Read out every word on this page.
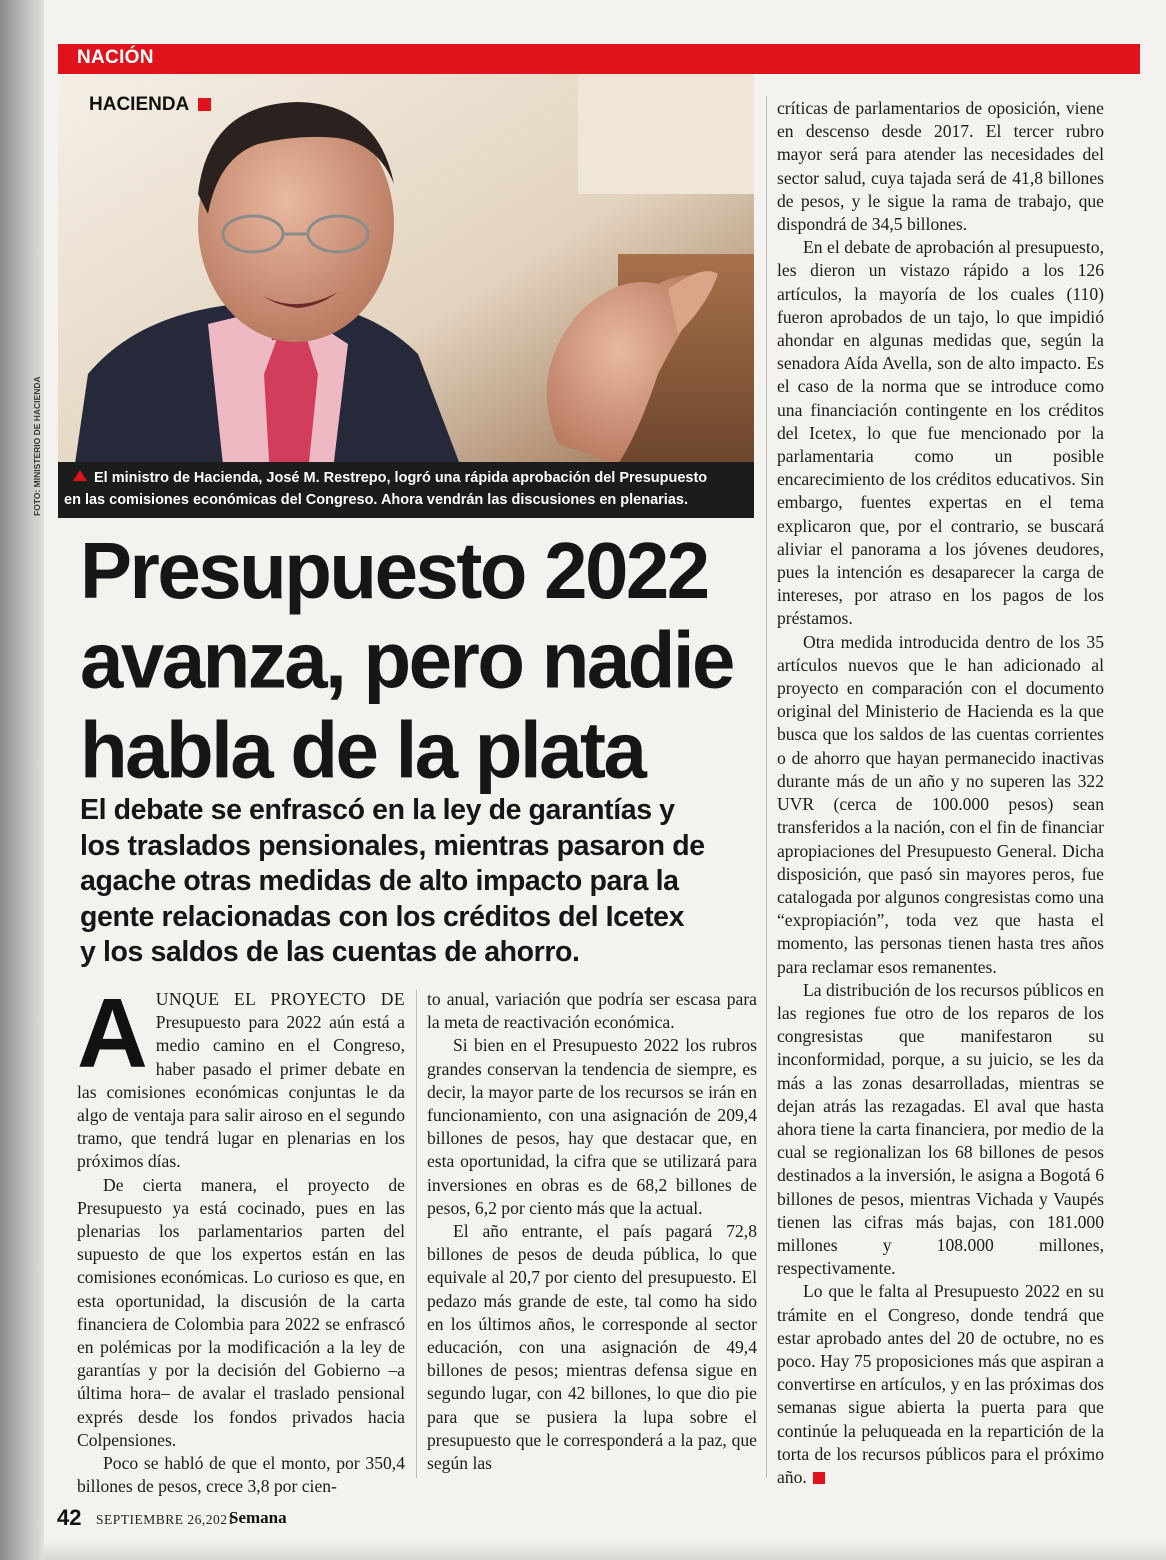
NACIÓN
HACIENDA
El ministro de Hacienda, José M. Restrepo, logró una rápida aprobación del Presupuesto
en las comisiones económicas del Congreso. Ahora vendrán las discusiones en plenarias.
FOTO: MINISTERIO DE HACIENDA
Presupuesto 2022
avanza, pero nadie
habla de la plata
El debate se enfrascó en la ley de garantías y
los traslados pensionales, mientras pasaron de
agache otras medidas de alto impacto para la
gente relacionadas con los créditos del Icetex
y los saldos de las cuentas de ahorro.

AUNQUE EL PROYECTO DE Presupuesto para 2022 aún está a medio camino en el Congreso, haber pasado el primer debate en las comisiones económicas conjuntas le da algo de ventaja para salir airoso en el segundo tramo, que tendrá lugar en plenarias en los próximos días.

De cierta manera, el proyecto de Presupuesto ya está cocinado, pues en las plenarias los parlamentarios parten del supuesto de que los expertos están en las comisiones económicas. Lo curioso es que, en esta oportunidad, la discusión de la carta financiera de Colombia para 2022 se enfrascó en polémicas por la modificación a la ley de garantías y por la decisión del Gobierno –a última hora– de avalar el traslado pensional exprés desde los fondos privados hacia Colpensiones.

Poco se habló de que el monto, por 350,4 billones de pesos, crece 3,8 por cien-

to anual, variación que podría ser escasa para la meta de reactivación económica.

Si bien en el Presupuesto 2022 los rubros grandes conservan la tendencia de siempre, es decir, la mayor parte de los recursos se irán en funcionamiento, con una asignación de 209,4 billones de pesos, hay que destacar que, en esta oportunidad, la cifra que se utilizará para inversiones en obras es de 68,2 billones de pesos, 6,2 por ciento más que la actual.

El año entrante, el país pagará 72,8 billones de pesos de deuda pública, lo que equivale al 20,7 por ciento del presupuesto. El pedazo más grande de este, tal como ha sido en los últimos años, le corresponde al sector educación, con una asignación de 49,4 billones de pesos; mientras defensa sigue en segundo lugar, con 42 billones, lo que dio pie para que se pusiera la lupa sobre el presupuesto que le corresponderá a la paz, que según las

críticas de parlamentarios de oposición, viene en descenso desde 2017. El tercer rubro mayor será para atender las necesidades del sector salud, cuya tajada será de 41,8 billones de pesos, y le sigue la rama de trabajo, que dispondrá de 34,5 billones.

En el debate de aprobación al presupuesto, les dieron un vistazo rápido a los 126 artículos, la mayoría de los cuales (110) fueron aprobados de un tajo, lo que impidió ahondar en algunas medidas que, según la senadora Aída Avella, son de alto impacto. Es el caso de la norma que se introduce como una financiación contingente en los créditos del Icetex, lo que fue mencionado por la parlamentaria como un posible encarecimiento de los créditos educativos. Sin embargo, fuentes expertas en el tema explicaron que, por el contrario, se buscará aliviar el panorama a los jóvenes deudores, pues la intención es desaparecer la carga de intereses, por atraso en los pagos de los préstamos.

Otra medida introducida dentro de los 35 artículos nuevos que le han adicionado al proyecto en comparación con el documento original del Ministerio de Hacienda es la que busca que los saldos de las cuentas corrientes o de ahorro que hayan permanecido inactivas durante más de un año y no superen las 322 UVR (cerca de 100.000 pesos) sean transferidos a la nación, con el fin de financiar apropiaciones del Presupuesto General. Dicha disposición, que pasó sin mayores peros, fue catalogada por algunos congresistas como una “expropiación”, toda vez que hasta el momento, las personas tienen hasta tres años para reclamar esos remanentes.

La distribución de los recursos públicos en las regiones fue otro de los reparos de los congresistas que manifestaron su inconformidad, porque, a su juicio, se les da más a las zonas desarrolladas, mientras se dejan atrás las rezagadas. El aval que hasta ahora tiene la carta financiera, por medio de la cual se regionalizan los 68 billones de pesos destinados a la inversión, le asigna a Bogotá 6 billones de pesos, mientras Vichada y Vaupés tienen las cifras más bajas, con 181.000 millones y 108.000 millones, respectivamente.

Lo que le falta al Presupuesto 2022 en su trámite en el Congreso, donde tendrá que estar aprobado antes del 20 de octubre, no es poco. Hay 75 proposiciones más que aspiran a convertirse en artículos, y en las próximas dos semanas sigue abierta la puerta para que continúe la peluqueada en la repartición de la torta de los recursos públicos para el próximo año.

42 SEPTIEMBRE 26,2021
Semana
